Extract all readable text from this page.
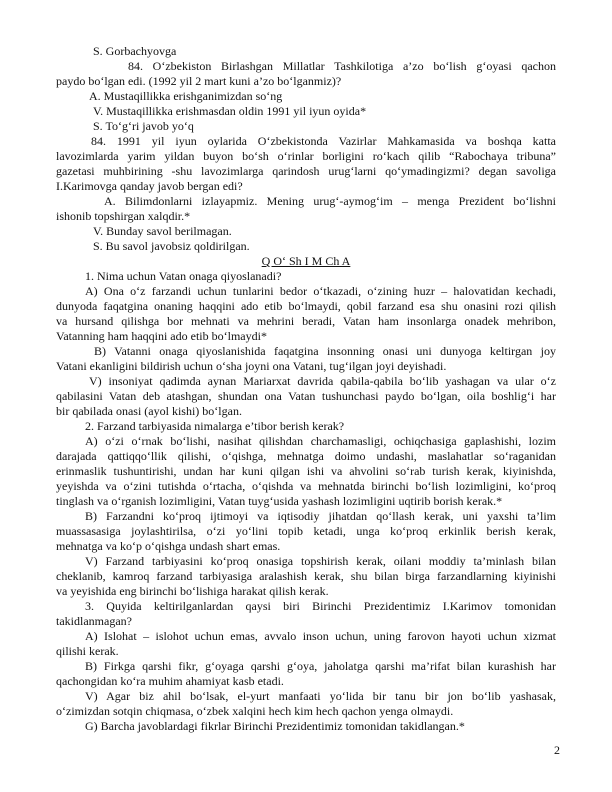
S. Gorbachyovga
84. O‘zbekiston Birlashgan Millatlar Tashkilotiga a’zo bo‘lish g‘oyasi qachon
paydo bo‘lgan edi. (1992 yil 2 mart kuni a’zo bo‘lganmiz)?
A. Mustaqillikka erishganimizdan so‘ng
V. Mustaqillikka erishmasdan oldin 1991 yil iyun oyida*
S. To‘g‘ri javob yo‘q
84. 1991 yil iyun oylarida O‘zbekistonda Vazirlar Mahkamasida va boshqa katta
lavozimlarda yarim yildan buyon bo‘sh o‘rinlar borligini ro‘kach qilib “Rabochaya tribuna”
gazetasi muhbirining -shu lavozimlarga qarindosh urug‘larni qo‘ymadingizmi? degan savoliga
I.Karimovga qanday javob bergan edi?
A. Bilimdonlarni izlayapmiz. Mening urug‘-aymog‘im – menga Prezident bo‘lishni
ishonib topshirgan xalqdir.*
V. Bunday savol berilmagan.
S. Bu savol javobsiz qoldirilgan.
Q O‘ Sh I M Ch A
1. Nima uchun Vatan onaga qiyoslanadi?
A) Ona o‘z farzandi uchun tunlarini bedor o‘tkazadi, o‘zining huzr – halovatidan kechadi,
dunyoda faqatgina onaning haqqini ado etib bo‘lmaydi, qobil farzand esa shu onasini rozi qilish
va hursand qilishga bor mehnati va mehrini beradi, Vatan ham insonlarga onadek mehribon,
Vatanning ham haqqini ado etib bo‘lmaydi*
B) Vatanni onaga qiyoslanishida faqatgina insonning onasi uni dunyoga keltirgan joy
Vatani ekanligini bildirish uchun o‘sha joyni ona Vatani, tug‘ilgan joyi deyishadi.
V) insoniyat qadimda aynan Mariarxat davrida qabila-qabila bo‘lib yashagan va ular o‘z
qabilasini Vatan deb atashgan, shundan ona Vatan tushunchasi paydo bo‘lgan, oila boshlig‘i har
bir qabilada onasi (ayol kishi) bo‘lgan.
2. Farzand tarbiyasida nimalarga e’tibor berish kerak?
A) o‘zi o‘rnak bo‘lishi, nasihat qilishdan charchamasligi, ochiqchasiga gaplashishi, lozim
darajada qattiqqo‘llik qilishi, o‘qishga, mehnatga doimo undashi, maslahatlar so‘raganidan
erinmaslik tushuntirishi, undan har kuni qilgan ishi va ahvolini so‘rab turish kerak, kiyinishda,
yeyishda va o‘zini tutishda o‘rtacha, o‘qishda va mehnatda birinchi bo‘lish lozimligini, ko‘proq
tinglash va o‘rganish lozimligini, Vatan tuyg‘usida yashash lozimligini uqtirib borish kerak.*
B) Farzandni ko‘proq ijtimoyi va iqtisodiy jihatdan qo‘llash kerak, uni yaxshi ta’lim
muassasasiga joylashtirilsa, o‘zi yo‘lini topib ketadi, unga ko‘proq erkinlik berish kerak,
mehnatga va ko‘p o‘qishga undash shart emas.
V) Farzand tarbiyasini ko‘proq onasiga topshirish kerak, oilani moddiy ta’minlash bilan
cheklanib, kamroq farzand tarbiyasiga aralashish kerak, shu bilan birga farzandlarning kiyinishi
va yeyishida eng birinchi bo‘lishiga harakat qilish kerak.
3. Quyida keltirilganlardan qaysi biri Birinchi Prezidentimiz I.Karimov tomonidan
takidlanmagan?
A) Islohat – islohot uchun emas, avvalo inson uchun, uning farovon hayoti uchun xizmat
qilishi kerak.
B) Firkga qarshi fikr, g‘oyaga qarshi g‘oya, jaholatga qarshi ma’rifat bilan kurashish har
qachongidan ko‘ra muhim ahamiyat kasb etadi.
V) Agar biz ahil bo‘lsak, el-yurt manfaati yo‘lida bir tanu bir jon bo‘lib yashasak,
o‘zimizdan sotqin chiqmasa, o‘zbek xalqini hech kim hech qachon yenga olmaydi.
G) Barcha javoblardagi fikrlar Birinchi Prezidentimiz tomonidan takidlangan.*
2
